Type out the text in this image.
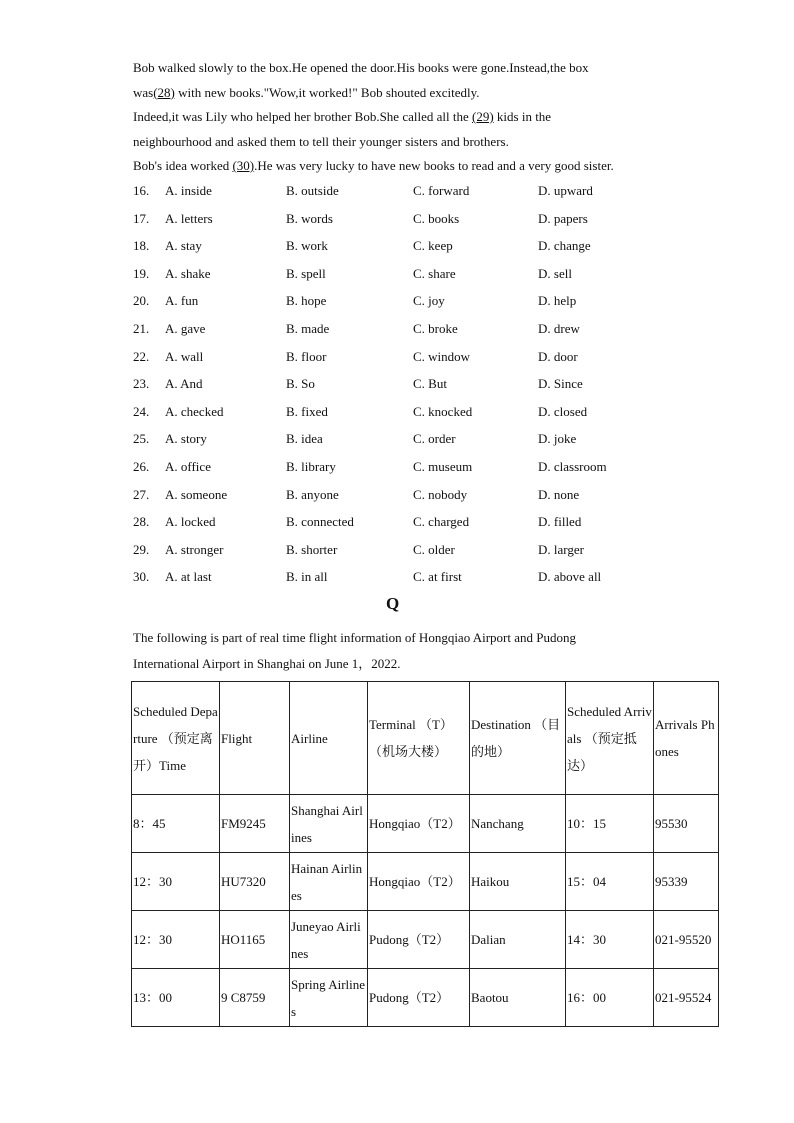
Bob walked slowly to the box.He opened the door.His books were gone.Instead,the box

was(28) with new books."Wow,it worked!" Bob shouted excitedly.

Indeed,it was Lily who helped her brother Bob.She called all the (29) kids in the

neighbourhood and asked them to tell their younger sisters and brothers.

Bob's idea worked (30).He was very lucky to have new books to read and a very good sister.

16. A. inside	B. outside	C. forward	D. upward
17. A. letters	B. words	C. books	D. papers
18. A. stay	B. work	C. keep	D. change
19. A. shake	B. spell	C. share	D. sell
20. A. fun	B. hope	C. joy	D. help
21. A. gave	B. made	C. broke	D. drew
22. A. wall	B. floor	C. window	D. door
23. A. And	B. So	C. But	D. Since
24. A. checked	B. fixed	C. knocked	D. closed
25. A. story	B. idea	C. order	D. joke
26. A. office	B. library	C. museum	D. classroom
27. A. someone	B. anyone	C. nobody	D. none
28. A. locked	B. connected	C. charged	D. filled
29. A. stronger	B. shorter	C. older	D. larger
30. A. at last	B. in all	C. at first	D. above all
Q

The following is part of real time flight information of Hongqiao Airport and Pudong

International Airport in Shanghai on June 1，2022.

Scheduled Departure （预定离开）Time	Flight	Airline	Terminal （T）（机场大楼）	Destination （目的地）	Scheduled Arrivals （预定抵达）	Arrivals Phones
8：45	FM9245	Shanghai Airlines	Hongqiao（T2）	Nanchang	10：15	95530
12：30	HU7320	Hainan Airlines	Hongqiao（T2）	Haikou	15：04	95339
12：30	HO1165	Juneyao Airlines	Pudong（T2）	Dalian	14：30	021-95520
13：00	9 C8759	Spring Airlines	Pudong（T2）	Baotou	16：00	021-95524
